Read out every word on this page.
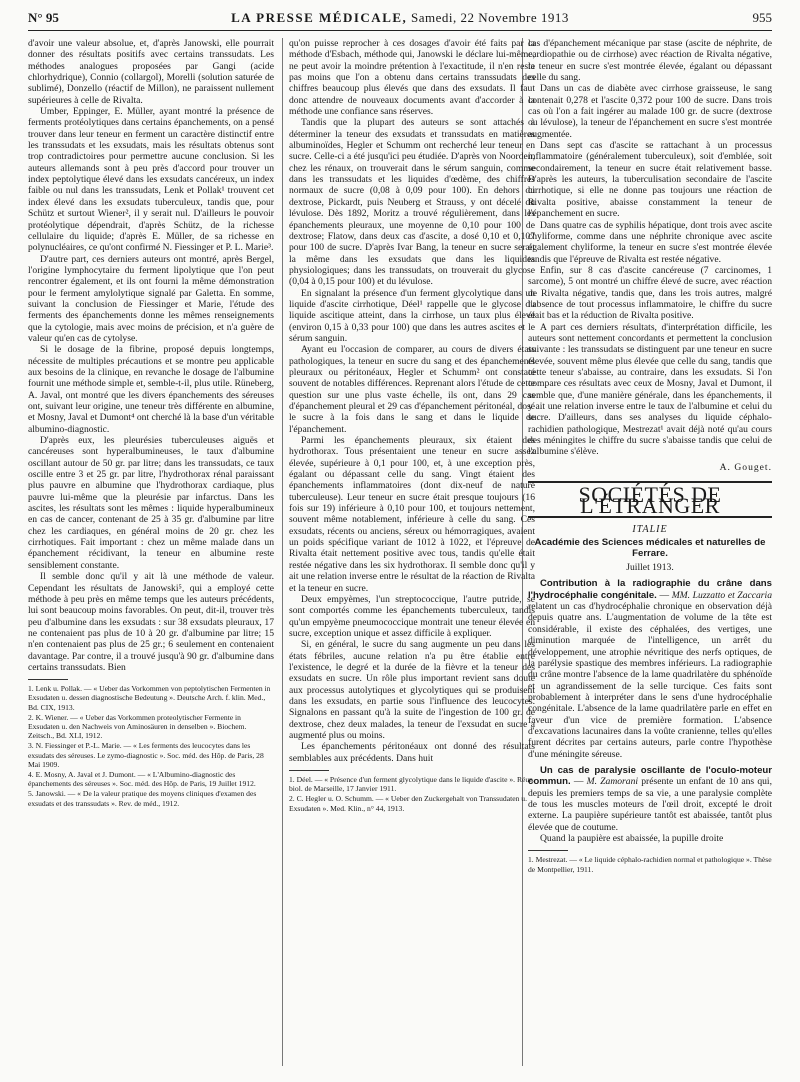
N° 95	LA PRESSE MÉDICALE, Samedi, 22 Novembre 1913	955

d'avoir une valeur absolue, et, d'après Janowski, elle pourrait donner des résultats positifs avec certains transsudats. Les méthodes analogues proposées par Gangi (acide chlorhydrique), Connio (collargol), Morelli (solution saturée de sublimé), Donzello (réactif de Millon), ne paraissent nullement supérieures à celle de Rivalta.

Umber, Eppinger, E. Müller, ayant montré la présence de ferments protéolytiques dans certains épanchements, on a pensé trouver dans leur teneur en ferment un caractère distinctif entre les transsudats et les exsudats, mais les résultats obtenus sont trop contradictoires pour permettre aucune conclusion. Si les auteurs allemands sont à peu près d'accord pour trouver un index peptolytique élevé dans les exsudats cancéreux, un index faible ou nul dans les transsudats, Lenk et Pollak¹ trouvent cet index élevé dans les exsudats tuberculeux, tandis que, pour Schütz et surtout Wiener², il y serait nul. D'ailleurs le pouvoir protéolytique dépendrait, d'après Schütz, de la richesse cellulaire du liquide; d'après E. Müller, de sa richesse en polynucléaires, ce qu'ont confirmé N. Fiessinger et P. L. Marie³.

D'autre part, ces derniers auteurs ont montré, après Bergel, l'origine lymphocytaire du ferment lipolytique que l'on peut rencontrer également, et ils ont fourni la même démonstration pour le ferment amylolytique signalé par Galetta. En somme, suivant la conclusion de Fiessinger et Marie, l'étude des ferments des épanchements donne les mêmes renseignements que la cytologie, mais avec moins de précision, et n'a guère de valeur qu'en cas de cytolyse.

Si le dosage de la fibrine, proposé depuis longtemps, nécessite de multiples précautions et se montre peu applicable aux besoins de la clinique, en revanche le dosage de l'albumine fournit une méthode simple et, semble-t-il, plus utile. Rüneberg, A. Javal, ont montré que les divers épanchements des séreuses ont, suivant leur origine, une teneur très différente en albumine, et Mosny, Javal et Dumont⁴ ont cherché là la base d'un véritable albumino-diagnostic.

D'après eux, les pleurésies tuberculeuses aiguës et cancéreuses sont hyperalbumineuses, le taux d'albumine oscillant autour de 50 gr. par litre; dans les transsudats, ce taux oscille entre 3 et 25 gr. par litre, l'hydrothorax rénal paraissant plus pauvre en albumine que l'hydrothorax cardiaque, plus pauvre lui-même que la pleurésie par infarctus. Dans les ascites, les résultats sont les mêmes : liquide hyperalbumineux en cas de cancer, contenant de 25 à 35 gr. d'albumine par litre chez les cardiaques, en général moins de 20 gr. chez les cirrhotiques. Fait important : chez un même malade dans un épanchement récidivant, la teneur en albumine reste sensiblement constante.

Il semble donc qu'il y ait là une méthode de valeur. Cependant les résultats de Janowski⁵, qui a employé cette méthode à peu près en même temps que les auteurs précédents, lui sont beaucoup moins favorables. On peut, dit-il, trouver très peu d'albumine dans les exsudats : sur 38 exsudats pleuraux, 17 ne contenaient pas plus de 10 à 20 gr. d'albumine par litre; 15 n'en contenaient pas plus de 25 gr.; 6 seulement en contenaient davantage. Par contre, il a trouvé jusqu'à 90 gr. d'albumine dans certains transsudats. Bien

1. Lenk u. Pollak. — « Ueber das Vorkommen von peptolytischen Fermenten in Exsudaten u. dessen diagnostische Bedeutung ». Deutsche Arch. f. klin. Med., Bd. CIX, 1913.

2. K. Wiener. — « Ueber das Vorkommen proteolytischer Fermente in Exsudaten u. den Nachweis von Aminosäuren in denselben ». Biochem. Zeitsch., Bd. XLI, 1912.

3. N. Fiessinger et P.-L. Marie. — « Les ferments des leucocytes dans les exsudats des séreuses. Le zymo-diagnostic ». Soc. méd. des Hôp. de Paris, 28 Mai 1909.

4. E. Mosny, A. Javal et J. Dumont. — « L'Albumino-diagnostic des épanchements des séreuses ». Soc. méd. des Hôp. de Paris, 19 Juillet 1912.

5. Janowski. — « De la valeur pratique des moyens cliniques d'examen des exsudats et des transsudats ». Rev. de méd., 1912.

qu'on puisse reprocher à ces dosages d'avoir été faits par la méthode d'Esbach, méthode qui, Janowski le déclare lui-même, ne peut avoir la moindre prétention à l'exactitude, il n'en reste pas moins que l'on a obtenu dans certains transsudats des chiffres beaucoup plus élevés que dans des exsudats. Il faut donc attendre de nouveaux documents avant d'accorder à la méthode une confiance sans réserves.

Tandis que la plupart des auteurs se sont attachés à déterminer la teneur des exsudats et transsudats en matières albuminoïdes, Hegler et Schumm ont recherché leur teneur en sucre. Celle-ci a été jusqu'ici peu étudiée. D'après von Noorden, chez les rénaux, on trouverait dans le sérum sanguin, comme dans les transsudats et les liquides d'œdème, des chiffres normaux de sucre (0,08 à 0,09 pour 100). En dehors du dextrose, Pickardt, puis Neuberg et Strauss, y ont décelé du lévulose. Dès 1892, Moritz a trouvé régulièrement, dans les épanchements pleuraux, une moyenne de 0,10 pour 100 de dextrose; Flatow, dans deux cas d'ascite, a dosé 0,10 et 0,107 pour 100 de sucre. D'après Ivar Bang, la teneur en sucre serait la même dans les exsudats que dans les liquides physiologiques; dans les transsudats, on trouverait du glycose (0,04 à 0,15 pour 100) et du lévulose.

En signalant la présence d'un ferment glycolytique dans un liquide d'ascite cirrhotique, Déel¹ rappelle que le glycose du liquide ascitique atteint, dans la cirrhose, un taux plus élevé (environ 0,15 à 0,33 pour 100) que dans les autres ascites et le sérum sanguin.

Ayant eu l'occasion de comparer, au cours de divers états pathologiques, la teneur en sucre du sang et des épanchements pleuraux ou péritonéaux, Hegler et Schumm² ont constaté souvent de notables différences. Reprenant alors l'étude de cette question sur une plus vaste échelle, ils ont, dans 29 cas d'épanchement pleural et 29 cas d'épanchement péritonéal, dosé le sucre à la fois dans le sang et dans le liquide de l'épanchement.

Parmi les épanchements pleuraux, six étaient des hydrothorax. Tous présentaient une teneur en sucre assez élevée, supérieure à 0,1 pour 100, et, à une exception près, égalant ou dépassant celle du sang. Vingt étaient des épanchements inflammatoires (dont dix-neuf de nature tuberculeuse). Leur teneur en sucre était presque toujours (16 fois sur 19) inférieure à 0,10 pour 100, et toujours nettement, souvent même notablement, inférieure à celle du sang. Ces exsudats, récents ou anciens, séreux ou hémorragiques, avaient un poids spécifique variant de 1012 à 1022, et l'épreuve de Rivalta était nettement positive avec tous, tandis qu'elle était restée négative dans les six hydrothorax. Il semble donc qu'il y ait une relation inverse entre le résultat de la réaction de Rivalta et la teneur en sucre.

Deux empyèmes, l'un streptococcique, l'autre putride, se sont comportés comme les épanchements tuberculeux, tandis qu'un empyème pneumococcique montrait une teneur élevée en sucre, exception unique et assez difficile à expliquer.

Si, en général, le sucre du sang augmente un peu dans les états fébriles, aucune relation n'a pu être établie entre l'existence, le degré et la durée de la fièvre et la teneur des exsudats en sucre. Un rôle plus important revient sans doute aux processus autolytiques et glycolytiques qui se produisent dans les exsudats, en partie sous l'influence des leucocytes. Signalons en passant qu'à la suite de l'ingestion de 100 gr. de dextrose, chez deux malades, la teneur de l'exsudat en sucre a augmenté plus ou moins.

Les épanchements péritonéaux ont donné des résultats semblables aux précédents. Dans huit

1. Déel. — « Présence d'un ferment glycolytique dans le liquide d'ascite ». Réun. biol. de Marseille, 17 Janvier 1911.

2. C. Hegler u. O. Schumm. — « Ueber den Zuckergehalt von Transsudaten u. Exsudaten ». Med. Klin., n° 44, 1913.

cas d'épanchement mécanique par stase (ascite de néphrite, de cardiopathie ou de cirrhose) avec réaction de Rivalta négative, la teneur en sucre s'est montrée élevée, égalant ou dépassant celle du sang.

Dans un cas de diabète avec cirrhose graisseuse, le sang contenait 0,278 et l'ascite 0,372 pour 100 de sucre. Dans trois cas où l'on a fait ingérer au malade 100 gr. de sucre (dextrose ou lévulose), la teneur de l'épanchement en sucre s'est montrée augmentée.

Dans sept cas d'ascite se rattachant à un processus inflammatoire (généralement tuberculeux), soit d'emblée, soit secondairement, la teneur en sucre était relativement basse. D'après les auteurs, la tuberculisation secondaire de l'ascite cirrhotique, si elle ne donne pas toujours une réaction de Rivalta positive, abaisse constamment la teneur de l'épanchement en sucre.

Dans quatre cas de syphilis hépatique, dont trois avec ascite chyliforme, comme dans une néphrite chronique avec ascite également chyliforme, la teneur en sucre s'est montrée élevée tandis que l'épreuve de Rivalta est restée négative.

Enfin, sur 8 cas d'ascite cancéreuse (7 carcinomes, 1 sarcome), 5 ont montré un chiffre élevé de sucre, avec réaction de Rivalta négative, tandis que, dans les trois autres, malgré l'absence de tout processus inflammatoire, le chiffre du sucre était bas et la réduction de Rivalta positive.

A part ces derniers résultats, d'interprétation difficile, les auteurs sont nettement concordants et permettent la conclusion suivante : les transsudats se distinguent par une teneur en sucre élevée, souvent même plus élevée que celle du sang, tandis que cette teneur s'abaisse, au contraire, dans les exsudats. Si l'on compare ces résultats avec ceux de Mosny, Javal et Dumont, il semble que, d'une manière générale, dans les épanchements, il y ait une relation inverse entre le taux de l'albumine et celui du sucre. D'ailleurs, dans ses analyses du liquide céphalo-rachidien pathologique, Mestrezat¹ avait déjà noté qu'au cours des méningites le chiffre du sucre s'abaisse tandis que celui de l'albumine s'élève.

A. Gouget.
SOCIÉTÉS DE L'ÉTRANGER
ITALIE
Académie des Sciences médicales et naturelles de Ferrare.
Juillet 1913.

Contribution à la radiographie du crâne dans l'hydrocéphalie congénitale. — MM. Luzzatto et Zaccaria relatent un cas d'hydrocéphalie chronique en observation déjà depuis quatre ans. L'augmentation de volume de la tête est considérable, il existe des céphalées, des vertiges, une diminution marquée de l'intelligence, un arrêt du développement, une atrophie névritique des nerfs optiques, de la parélysie spastique des membres inférieurs. La radiographie du crâne montre l'absence de la lame quadrilatère du sphénoïde et un agrandissement de la selle turcique. Ces faits sont probablement à interpréter dans le sens d'une hydrocéphalie congénitale. L'absence de la lame quadrilatère parle en effet en faveur d'un vice de première formation. L'absence d'excavations lacunaires dans la voûte cranienne, telles qu'elles furent décrites par certains auteurs, parle contre l'hypothèse d'une méningite séreuse.

Un cas de paralysie oscillante de l'oculo-moteur commun. — M. Zamorani présente un enfant de 10 ans qui, depuis les premiers temps de sa vie, a une paralysie complète de tous les muscles moteurs de l'œil droit, excepté le droit externe. La paupière supérieure tantôt est abaissée, tantôt plus élevée que de coutume.

Quand la paupière est abaissée, la pupille droite

1. Mestrezat. — « Le liquide céphalo-rachidien normal et pathologique ». Thèse de Montpellier, 1911.
